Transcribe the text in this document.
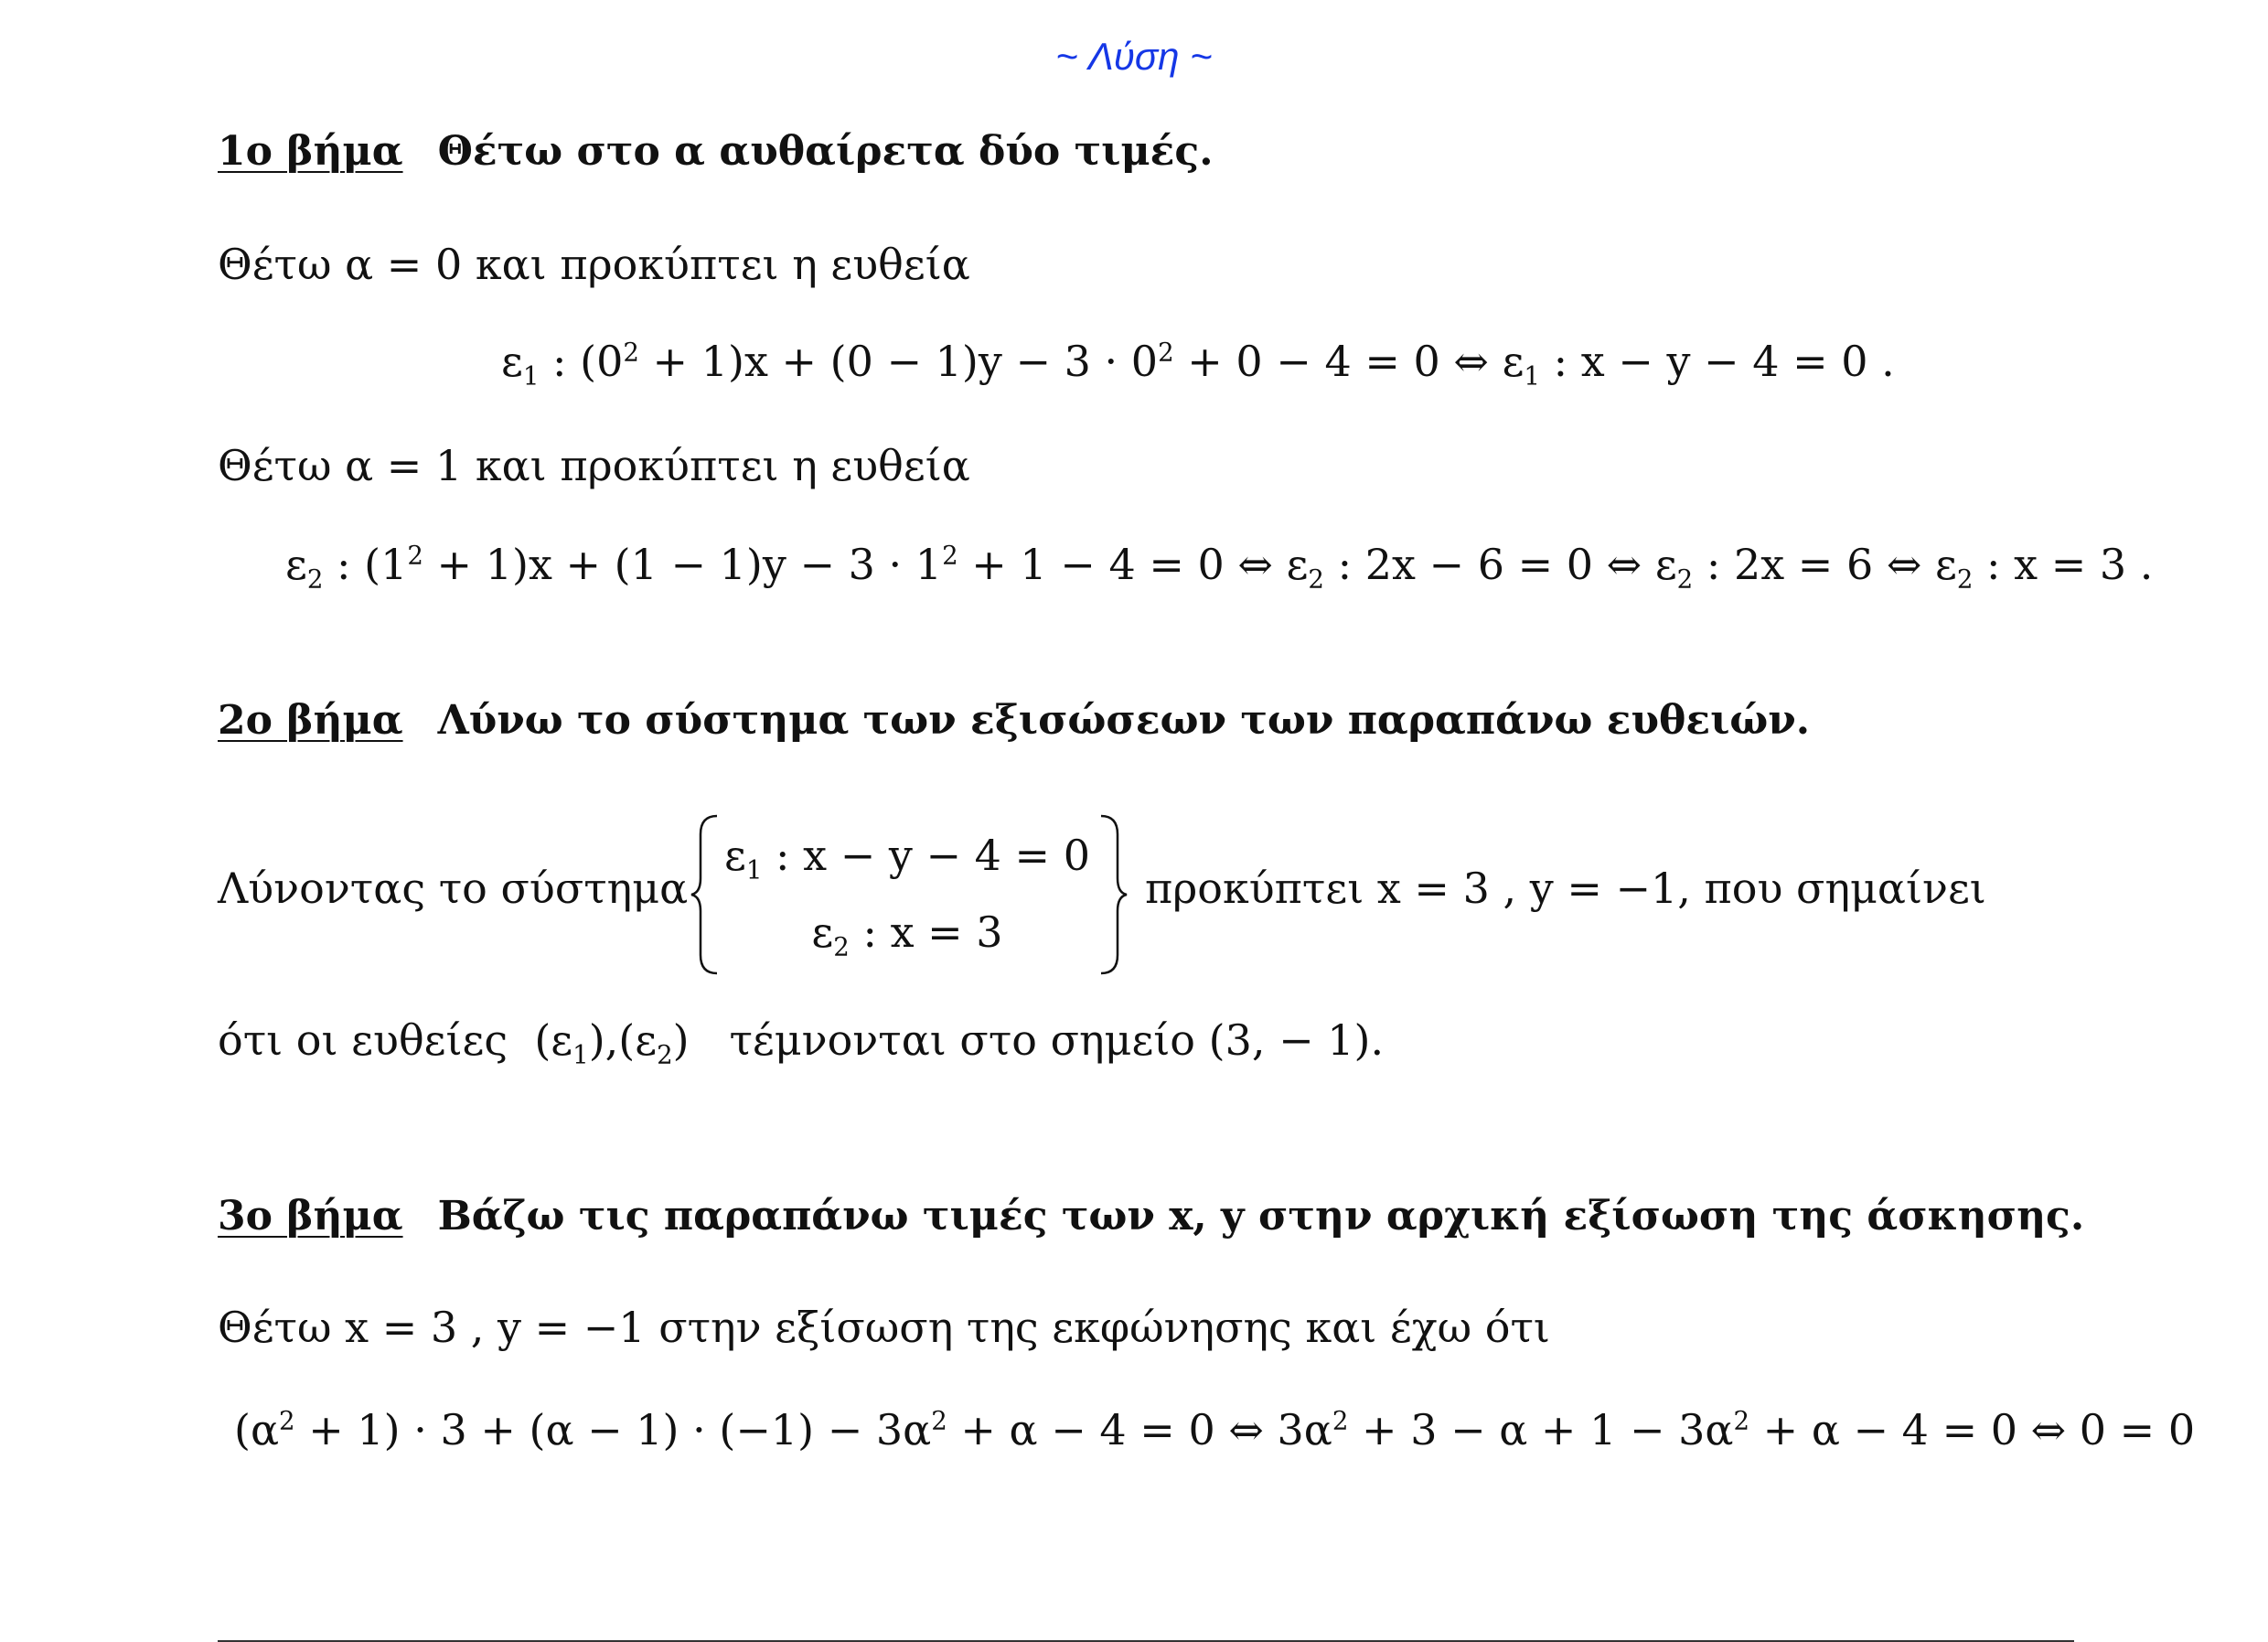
~ Λύση ~
1ο βήμα Θέτω στο α αυθαίρετα δύο τιμές.
Θέτω α = 0 και προκύπτει η ευθεία
$\varepsilon_1$ : $(0^2 + 1)x + (0 - 1)y - 3 \cdot 0^2 + 0 - 4 = 0$ ⇔ $\varepsilon_1$ : x − y − 4 = 0 .
Θέτω α = 1 και προκύπτει η ευθεία
$\varepsilon_2$ : $(1^2 + 1)x + (1 - 1)y - 3 \cdot 1^2 + 1 - 4 = 0$ ⇔ $\varepsilon_2$ : 2x − 6 = 0 ⇔ $\varepsilon_2$ : 2x = 6 ⇔ $\varepsilon_2$ : x = 3 .
2ο βήμα Λύνω το σύστημα των εξισώσεων των παραπάνω ευθειών.
Λύνοντας το σύστημα
$\varepsilon_1$ : x − y − 4 = 0
$\varepsilon_2$ : x = 3
προκύπτει x = 3 , y = −1, που σημαίνει
ότι οι ευθείες  $(\varepsilon_1),(\varepsilon_2)$   τέμνονται στο σημείο (3, − 1).
3ο βήμα Βάζω τις παραπάνω τιμές των x, y στην αρχική εξίσωση της άσκησης.
Θέτω x = 3 , y = −1 στην εξίσωση της εκφώνησης και έχω ότι
$(\alpha^2 + 1) \cdot 3 + (\alpha - 1) \cdot (-1) - 3\alpha^2 + \alpha - 4 = 0$ ⇔ $3\alpha^2 + 3 - \alpha + 1 - 3\alpha^2 + \alpha - 4 = 0$ ⇔ 0 = 0
